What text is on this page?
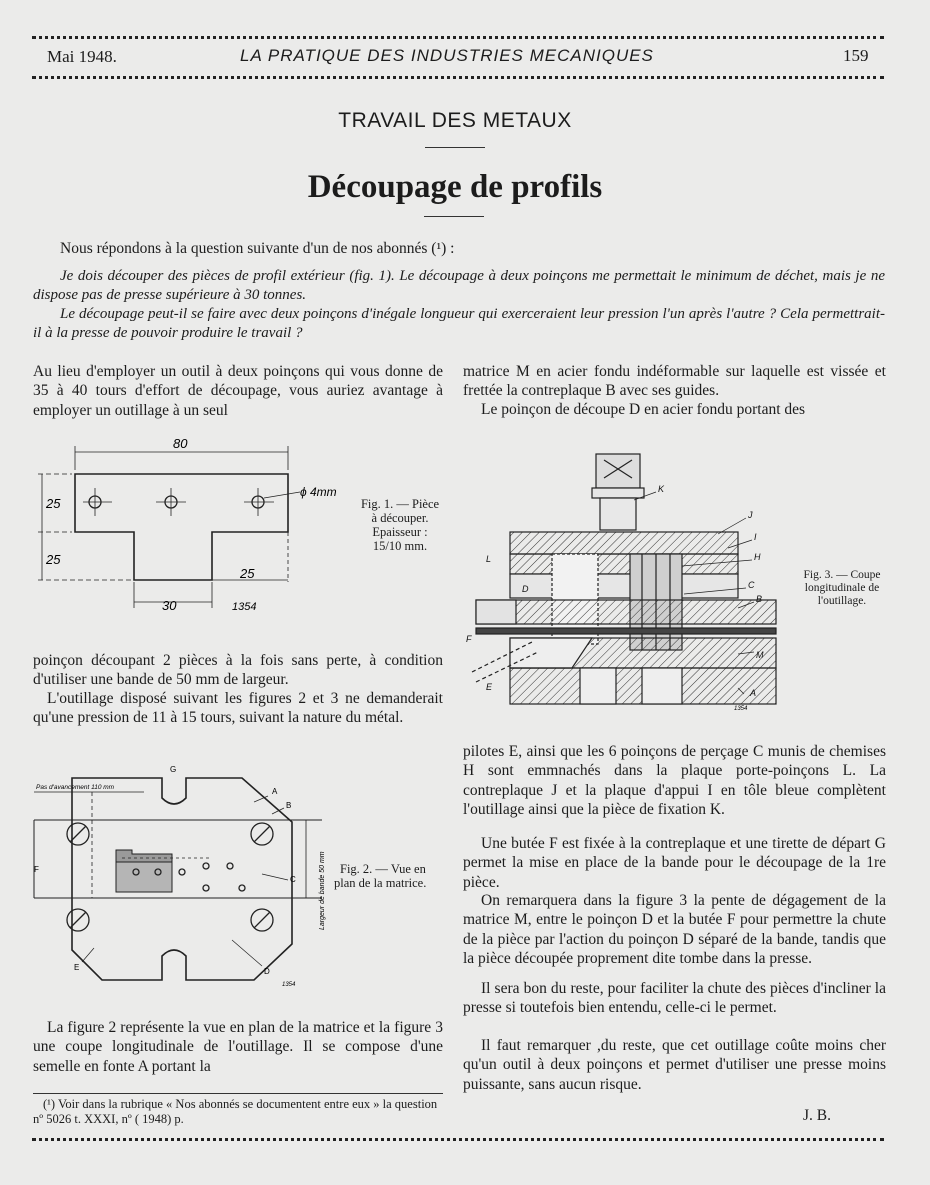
Mai 1948.	LA PRATIQUE DES INDUSTRIES MECANIQUES	159
TRAVAIL DES METAUX
Découpage de profils
Nous répondons à la question suivante d'un de nos abonnés (¹) :
Je dois découper des pièces de profil extérieur (fig. 1). Le découpage à deux poinçons me permettait le minimum de déchet, mais je ne dispose pas de presse supérieure à 30 tonnes.
Le découpage peut-il se faire avec deux poinçons d'inégale longueur qui exerceraient leur pression l'un après l'autre ? Cela permettrait-il à la presse de pouvoir produire le travail ?
Au lieu d'employer un outil à deux poinçons qui vous donne de 35 à 40 tours d'effort de découpage, vous auriez avantage à employer un outillage à un seul
poinçon découpant 2 pièces à la fois sans perte, à condition d'utiliser une bande de 50 mm de largeur.
L'outillage disposé suivant les figures 2 et 3 ne demanderait qu'une pression de 11 à 15 tours, suivant la nature du métal.
La figure 2 représente la vue en plan de la matrice et la figure 3 une coupe longitudinale de l'outillage. Il se compose d'une semelle en fonte A portant la
matrice M en acier fondu indéformable sur laquelle est vissée et frettée la contreplaque B avec ses guides.
Le poinçon de découpe D en acier fondu portant des
pilotes E, ainsi que les 6 poinçons de perçage C munis de chemises H sont emmnachés dans la plaque porte-poinçons L. La contreplaque J et la plaque d'appui I en tôle bleue complètent l'outillage ainsi que la pièce de fixation K.
Une butée F est fixée à la contreplaque et une tirette de départ G permet la mise en place de la bande pour le découpage de la 1re pièce.
On remarquera dans la figure 3 la pente de dégagement de la matrice M, entre le poinçon D et la butée F pour permettre la chute de la pièce par l'action du poinçon D séparé de la bande, tandis que la pièce découpée proprement dite tombe dans la presse.
Il sera bon du reste, pour faciliter la chute des pièces d'incliner la presse si toutefois bien entendu, celle-ci le permet.
Il faut remarquer ,du reste, que cet outillage coûte moins cher qu'un outil à deux poinçons et permet d'utiliser une presse moins puissante, sans aucun risque.
J. B.
(¹) Voir dans la rubrique « Nos abonnés se documentent entre eux » la question nº 5026 t. XXXI, nº ( 1948) p.
80
25
25
25
30
ϕ 4mm
1354
Fig. 1. — Pièce à découper. Epaisseur : 15/10 mm.
G
A
B
C
D
E
F
Pas d'avancement 110 mm
Largeur de bande 50 mm
1354
Fig. 2. — Vue en plan de la matrice.
K
J
I
H
C
B
L
D
F
E
M
A
1354
Fig. 3. — Coupe longitudinale de l'outillage.
